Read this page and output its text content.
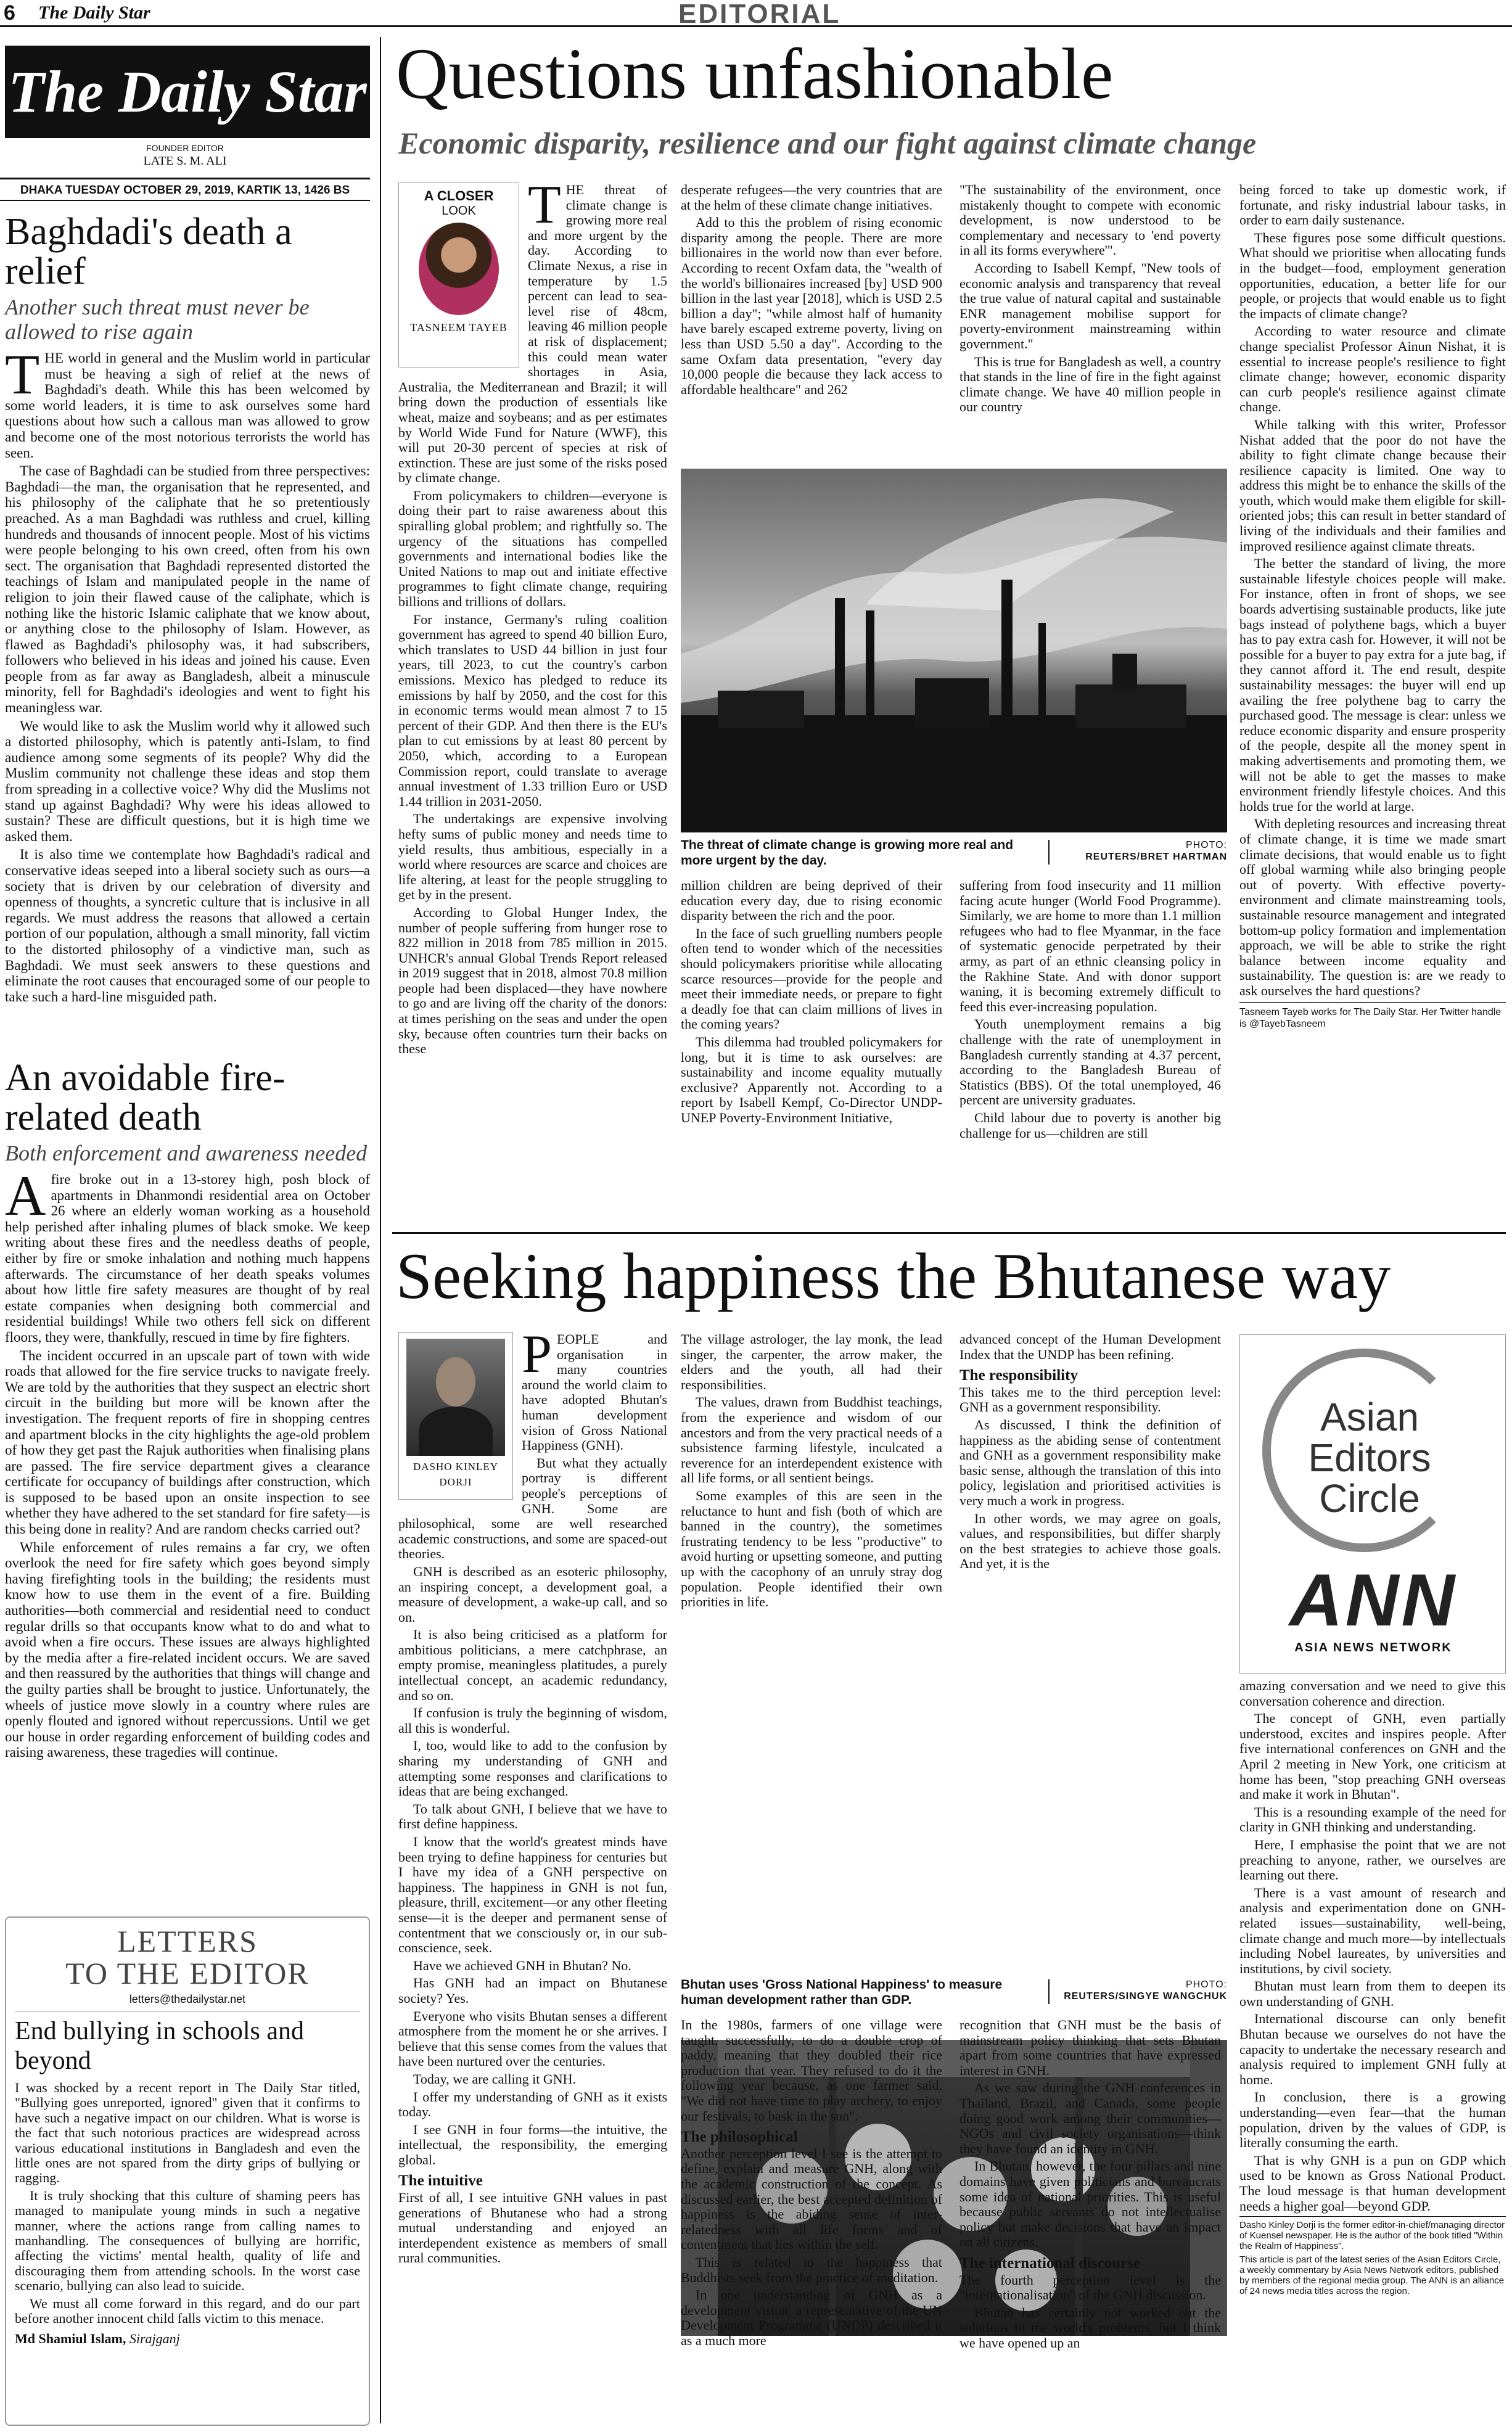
6 The Daily Star	EDITORIAL
The Daily Star
FOUNDER EDITOR
LATE S. M. ALI
DHAKA TUESDAY OCTOBER 29, 2019, KARTIK 13, 1426 BS
Baghdadi's death a relief
Another such threat must never be allowed to rise again

THE world in general and the Muslim world in particular must be heaving a sigh of relief at the news of Baghdadi's death. While this has been welcomed by some world leaders, it is time to ask ourselves some hard questions about how such a callous man was allowed to grow and become one of the most notorious terrorists the world has seen.

The case of Baghdadi can be studied from three perspectives: Baghdadi—the man, the organisation that he represented, and his philosophy of the caliphate that he so pretentiously preached. As a man Baghdadi was ruthless and cruel, killing hundreds and thousands of innocent people. Most of his victims were people belonging to his own creed, often from his own sect. The organisation that Baghdadi represented distorted the teachings of Islam and manipulated people in the name of religion to join their flawed cause of the caliphate, which is nothing like the historic Islamic caliphate that we know about, or anything close to the philosophy of Islam. However, as flawed as Baghdadi's philosophy was, it had subscribers, followers who believed in his ideas and joined his cause. Even people from as far away as Bangladesh, albeit a minuscule minority, fell for Baghdadi's ideologies and went to fight his meaningless war.

We would like to ask the Muslim world why it allowed such a distorted philosophy, which is patently anti-Islam, to find audience among some segments of its people? Why did the Muslim community not challenge these ideas and stop them from spreading in a collective voice? Why did the Muslims not stand up against Baghdadi? Why were his ideas allowed to sustain? These are difficult questions, but it is high time we asked them.

It is also time we contemplate how Baghdadi's radical and conservative ideas seeped into a liberal society such as ours—a society that is driven by our celebration of diversity and openness of thoughts, a syncretic culture that is inclusive in all regards. We must address the reasons that allowed a certain portion of our population, although a small minority, fall victim to the distorted philosophy of a vindictive man, such as Baghdadi. We must seek answers to these questions and eliminate the root causes that encouraged some of our people to take such a hard-line misguided path.

An avoidable fire-related death
Both enforcement and awareness needed

Afire broke out in a 13-storey high, posh block of apartments in Dhanmondi residential area on October 26 where an elderly woman working as a household help perished after inhaling plumes of black smoke. We keep writing about these fires and the needless deaths of people, either by fire or smoke inhalation and nothing much happens afterwards. The circumstance of her death speaks volumes about how little fire safety measures are thought of by real estate companies when designing both commercial and residential buildings! While two others fell sick on different floors, they were, thankfully, rescued in time by fire fighters.

The incident occurred in an upscale part of town with wide roads that allowed for the fire service trucks to navigate freely. We are told by the authorities that they suspect an electric short circuit in the building but more will be known after the investigation. The frequent reports of fire in shopping centres and apartment blocks in the city highlights the age-old problem of how they get past the Rajuk authorities when finalising plans are passed. The fire service department gives a clearance certificate for occupancy of buildings after construction, which is supposed to be based upon an onsite inspection to see whether they have adhered to the set standard for fire safety—is this being done in reality? And are random checks carried out?

While enforcement of rules remains a far cry, we often overlook the need for fire safety which goes beyond simply having firefighting tools in the building; the residents must know how to use them in the event of a fire. Building authorities—both commercial and residential need to conduct regular drills so that occupants know what to do and what to avoid when a fire occurs. These issues are always highlighted by the media after a fire-related incident occurs. We are saved and then reassured by the authorities that things will change and the guilty parties shall be brought to justice. Unfortunately, the wheels of justice move slowly in a country where rules are openly flouted and ignored without repercussions. Until we get our house in order regarding enforcement of building codes and raising awareness, these tragedies will continue.

LETTERS
TO THE EDITOR
letters@thedailystar.net
End bullying in schools and beyond

I was shocked by a recent report in The Daily Star titled, "Bullying goes unreported, ignored" given that it confirms to have such a negative impact on our children. What is worse is the fact that such notorious practices are widespread across various educational institutions in Bangladesh and even the little ones are not spared from the dirty grips of bullying or ragging.

It is truly shocking that this culture of shaming peers has managed to manipulate young minds in such a negative manner, where the actions range from calling names to manhandling. The consequences of bullying are horrific, affecting the victims' mental health, quality of life and discouraging them from attending schools. In the worst case scenario, bullying can also lead to suicide.

We must all come forward in this regard, and do our part before another innocent child falls victim to this menace.

Md Shamiul Islam, Sirajganj

Questions unfashionable
Economic disparity, resilience and our fight against climate change
A CLOSER
LOOK
TASNEEM TAYEB

THE threat of climate change is growing more real and more urgent by the day. According to Climate Nexus, a rise in temperature by 1.5 percent can lead to sea-level rise of 48cm, leaving 46 million people at risk of displacement; this could mean water shortages in Asia, Australia, the Mediterranean and Brazil; it will bring down the production of essentials like wheat, maize and soybeans; and as per estimates by World Wide Fund for Nature (WWF), this will put 20-30 percent of species at risk of extinction. These are just some of the risks posed by climate change.

From policymakers to children—everyone is doing their part to raise awareness about this spiralling global problem; and rightfully so. The urgency of the situations has compelled governments and international bodies like the United Nations to map out and initiate effective programmes to fight climate change, requiring billions and trillions of dollars.

For instance, Germany's ruling coalition government has agreed to spend 40 billion Euro, which translates to USD 44 billion in just four years, till 2023, to cut the country's carbon emissions. Mexico has pledged to reduce its emissions by half by 2050, and the cost for this in economic terms would mean almost 7 to 15 percent of their GDP. And then there is the EU's plan to cut emissions by at least 80 percent by 2050, which, according to a European Commission report, could translate to average annual investment of 1.33 trillion Euro or USD 1.44 trillion in 2031-2050.

The undertakings are expensive involving hefty sums of public money and needs time to yield results, thus ambitious, especially in a world where resources are scarce and choices are life altering, at least for the people struggling to get by in the present.

According to Global Hunger Index, the number of people suffering from hunger rose to 822 million in 2018 from 785 million in 2015. UNHCR's annual Global Trends Report released in 2019 suggest that in 2018, almost 70.8 million people had been displaced—they have nowhere to go and are living off the charity of the donors: at times perishing on the seas and under the open sky, because often countries turn their backs on these

desperate refugees—the very countries that are at the helm of these climate change initiatives.

Add to this the problem of rising economic disparity among the people. There are more billionaires in the world now than ever before. According to recent Oxfam data, the "wealth of the world's billionaires increased [by] USD 900 billion in the last year [2018], which is USD 2.5 billion a day"; "while almost half of humanity have barely escaped extreme poverty, living on less than USD 5.50 a day". According to the same Oxfam data presentation, "every day 10,000 people die because they lack access to affordable healthcare" and 262

"The sustainability of the environment, once mistakenly thought to compete with economic development, is now understood to be complementary and necessary to 'end poverty in all its forms everywhere'".

According to Isabell Kempf, "New tools of economic analysis and transparency that reveal the true value of natural capital and sustainable ENR management mobilise support for poverty-environment mainstreaming within government."

This is true for Bangladesh as well, a country that stands in the line of fire in the fight against climate change. We have 40 million people in our country

The threat of climate change is growing more real and more urgent by the day.
PHOTO:
REUTERS/BRET HARTMAN

million children are being deprived of their education every day, due to rising economic disparity between the rich and the poor.

In the face of such gruelling numbers people often tend to wonder which of the necessities should policymakers prioritise while allocating scarce resources—provide for the people and meet their immediate needs, or prepare to fight a deadly foe that can claim millions of lives in the coming years?

This dilemma had troubled policymakers for long, but it is time to ask ourselves: are sustainability and income equality mutually exclusive? Apparently not. According to a report by Isabell Kempf, Co-Director UNDP-UNEP Poverty-Environment Initiative,

suffering from food insecurity and 11 million facing acute hunger (World Food Programme). Similarly, we are home to more than 1.1 million refugees who had to flee Myanmar, in the face of systematic genocide perpetrated by their army, as part of an ethnic cleansing policy in the Rakhine State. And with donor support waning, it is becoming extremely difficult to feed this ever-increasing population.

Youth unemployment remains a big challenge with the rate of unemployment in Bangladesh currently standing at 4.37 percent, according to the Bangladesh Bureau of Statistics (BBS). Of the total unemployed, 46 percent are university graduates.

Child labour due to poverty is another big challenge for us—children are still

being forced to take up domestic work, if fortunate, and risky industrial labour tasks, in order to earn daily sustenance.

These figures pose some difficult questions. What should we prioritise when allocating funds in the budget—food, employment generation opportunities, education, a better life for our people, or projects that would enable us to fight the impacts of climate change?

According to water resource and climate change specialist Professor Ainun Nishat, it is essential to increase people's resilience to fight climate change; however, economic disparity can curb people's resilience against climate change.

While talking with this writer, Professor Nishat added that the poor do not have the ability to fight climate change because their resilience capacity is limited. One way to address this might be to enhance the skills of the youth, which would make them eligible for skill-oriented jobs; this can result in better standard of living of the individuals and their families and improved resilience against climate threats.

The better the standard of living, the more sustainable lifestyle choices people will make. For instance, often in front of shops, we see boards advertising sustainable products, like jute bags instead of polythene bags, which a buyer has to pay extra cash for. However, it will not be possible for a buyer to pay extra for a jute bag, if they cannot afford it. The end result, despite sustainability messages: the buyer will end up availing the free polythene bag to carry the purchased good. The message is clear: unless we reduce economic disparity and ensure prosperity of the people, despite all the money spent in making advertisements and promoting them, we will not be able to get the masses to make environment friendly lifestyle choices. And this holds true for the world at large.

With depleting resources and increasing threat of climate change, it is time we made smart climate decisions, that would enable us to fight off global warming while also bringing people out of poverty. With effective poverty-environment and climate mainstreaming tools, sustainable resource management and integrated bottom-up policy formation and implementation approach, we will be able to strike the right balance between income equality and sustainability. The question is: are we ready to ask ourselves the hard questions?

Tasneem Tayeb works for The Daily Star. Her Twitter handle is @TayebTasneem
Seeking happiness the Bhutanese way
DASHO KINLEY
DORJI

PEOPLE and organisation in many countries around the world claim to have adopted Bhutan's human development vision of Gross National Happiness (GNH).

But what they actually portray is different people's perceptions of GNH. Some are philosophical, some are well researched academic constructions, and some are spaced-out theories.

GNH is described as an esoteric philosophy, an inspiring concept, a development goal, a measure of development, a wake-up call, and so on.

It is also being criticised as a platform for ambitious politicians, a mere catchphrase, an empty promise, meaningless platitudes, a purely intellectual concept, an academic redundancy, and so on.

If confusion is truly the beginning of wisdom, all this is wonderful.

I, too, would like to add to the confusion by sharing my understanding of GNH and attempting some responses and clarifications to ideas that are being exchanged.

To talk about GNH, I believe that we have to first define happiness.

I know that the world's greatest minds have been trying to define happiness for centuries but I have my idea of a GNH perspective on happiness. The happiness in GNH is not fun, pleasure, thrill, excitement—or any other fleeting sense—it is the deeper and permanent sense of contentment that we consciously or, in our sub-conscience, seek.

Have we achieved GNH in Bhutan? No.

Has GNH had an impact on Bhutanese society? Yes.

Everyone who visits Bhutan senses a different atmosphere from the moment he or she arrives. I believe that this sense comes from the values that have been nurtured over the centuries.

Today, we are calling it GNH.

I offer my understanding of GNH as it exists today.

I see GNH in four forms—the intuitive, the intellectual, the responsibility, the emerging global.

The intuitive

First of all, I see intuitive GNH values in past generations of Bhutanese who had a strong mutual understanding and enjoyed an interdependent existence as members of small rural communities.

The village astrologer, the lay monk, the lead singer, the carpenter, the arrow maker, the elders and the youth, all had their responsibilities.

The values, drawn from Buddhist teachings, from the experience and wisdom of our ancestors and from the very practical needs of a subsistence farming lifestyle, inculcated a reverence for an interdependent existence with all life forms, or all sentient beings.

Some examples of this are seen in the reluctance to hunt and fish (both of which are banned in the country), the sometimes frustrating tendency to be less "productive" to avoid hurting or upsetting someone, and putting up with the cacophony of an unruly stray dog population. People identified their own priorities in life.

advanced concept of the Human Development Index that the UNDP has been refining.

The responsibility

This takes me to the third perception level: GNH as a government responsibility.

As discussed, I think the definition of happiness as the abiding sense of contentment and GNH as a government responsibility make basic sense, although the translation of this into policy, legislation and prioritised activities is very much a work in progress.

In other words, we may agree on goals, values, and responsibilities, but differ sharply on the best strategies to achieve those goals. And yet, it is the

Asian
Editors
Circle
ANN
ASIA NEWS NETWORK
Bhutan uses 'Gross National Happiness' to measure human development rather than GDP.
PHOTO:
REUTERS/SINGYE WANGCHUK

In the 1980s, farmers of one village were taught, successfully, to do a double crop of paddy, meaning that they doubled their rice production that year. They refused to do it the following year because, as one farmer said, "We did not have time to play archery, to enjoy our festivals, to bask in the sun".

The philosophical

Another perception level I see is the attempt to define, explain and measure GNH, along with the academic construction of the concept. As discussed earlier, the best accepted definition of happiness is the abiding sense of inter-relatedness with all life forms and of contentment that lies within the self.

This is related to the happiness that Buddhists seek from the practice of meditation.

In one understanding of GNH as a development vision, a representative of the UN Development Programme (UNDP) described it as a much more

recognition that GNH must be the basis of mainstream policy thinking that sets Bhutan apart from some countries that have expressed interest in GNH.

As we saw during the GNH conferences in Thailand, Brazil, and Canada, some people doing good work among their communities—NGOs and civil society organisations—think they have found an identity in GNH.

In Bhutan, however, the four pillars and nine domains have given politicians and bureaucrats some idea of national priorities. This is useful because public servants do not intellectualise policy but make decisions that have an impact on all citizens.

The international discourse

The fourth perception level is the "internationalisation" of the GNH discussion.

Bhutan has certainly not worked out the solutions to the world's problems, but I think we have opened up an

amazing conversation and we need to give this conversation coherence and direction.

The concept of GNH, even partially understood, excites and inspires people. After five international conferences on GNH and the April 2 meeting in New York, one criticism at home has been, "stop preaching GNH overseas and make it work in Bhutan".

This is a resounding example of the need for clarity in GNH thinking and understanding.

Here, I emphasise the point that we are not preaching to anyone, rather, we ourselves are learning out there.

There is a vast amount of research and analysis and experimentation done on GNH-related issues—sustainability, well-being, climate change and much more—by intellectuals including Nobel laureates, by universities and institutions, by civil society.

Bhutan must learn from them to deepen its own understanding of GNH.

International discourse can only benefit Bhutan because we ourselves do not have the capacity to undertake the necessary research and analysis required to implement GNH fully at home.

In conclusion, there is a growing understanding—even fear—that the human population, driven by the values of GDP, is literally consuming the earth.

That is why GNH is a pun on GDP which used to be known as Gross National Product. The loud message is that human development needs a higher goal—beyond GDP.

Dasho Kinley Dorji is the former editor-in-chief/managing director of Kuensel newspaper. He is the author of the book titled "Within the Realm of Happiness".
This article is part of the latest series of the Asian Editors Circle, a weekly commentary by Asia News Network editors, published by members of the regional media group. The ANN is an alliance of 24 news media titles across the region.
